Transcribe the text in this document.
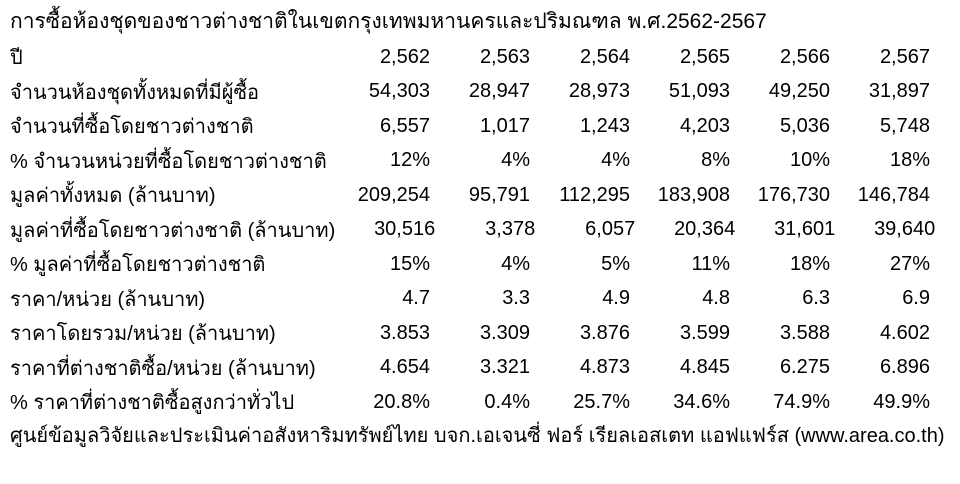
การซื้อห้องชุดของชาวต่างชาติในเขตกรุงเทพมหานครและปริมณฑล พ.ศ.2562-2567
ปี	2,562	2,563	2,564	2,565	2,566	2,567
จำนวนห้องชุดทั้งหมดที่มีผู้ซื้อ	54,303	28,947	28,973	51,093	49,250	31,897
จำนวนที่ซื้อโดยชาวต่างชาติ	6,557	1,017	1,243	4,203	5,036	5,748
% จำนวนหน่วยที่ซื้อโดยชาวต่างชาติ	12%	4%	4%	8%	10%	18%
มูลค่าทั้งหมด (ล้านบาท)	209,254	95,791	112,295	183,908	176,730	146,784
มูลค่าที่ซื้อโดยชาวต่างชาติ (ล้านบาท)	30,516	3,378	6,057	20,364	31,601	39,640
% มูลค่าที่ซื้อโดยชาวต่างชาติ	15%	4%	5%	11%	18%	27%
ราคา/หน่วย (ล้านบาท)	4.7	3.3	4.9	4.8	6.3	6.9
ราคาโดยรวม/หน่วย (ล้านบาท)	3.853	3.309	3.876	3.599	3.588	4.602
ราคาที่ต่างชาติซื้อ/หน่วย (ล้านบาท)	4.654	3.321	4.873	4.845	6.275	6.896
% ราคาที่ต่างชาติซื้อสูงกว่าทั่วไป	20.8%	0.4%	25.7%	34.6%	74.9%	49.9%
ศูนย์ข้อมูลวิจัยและประเมินค่าอสังหาริมทรัพย์ไทย บจก.เอเจนซี่ ฟอร์ เรียลเอสเตท แอฟแฟร์ส (www.area.co.th)
